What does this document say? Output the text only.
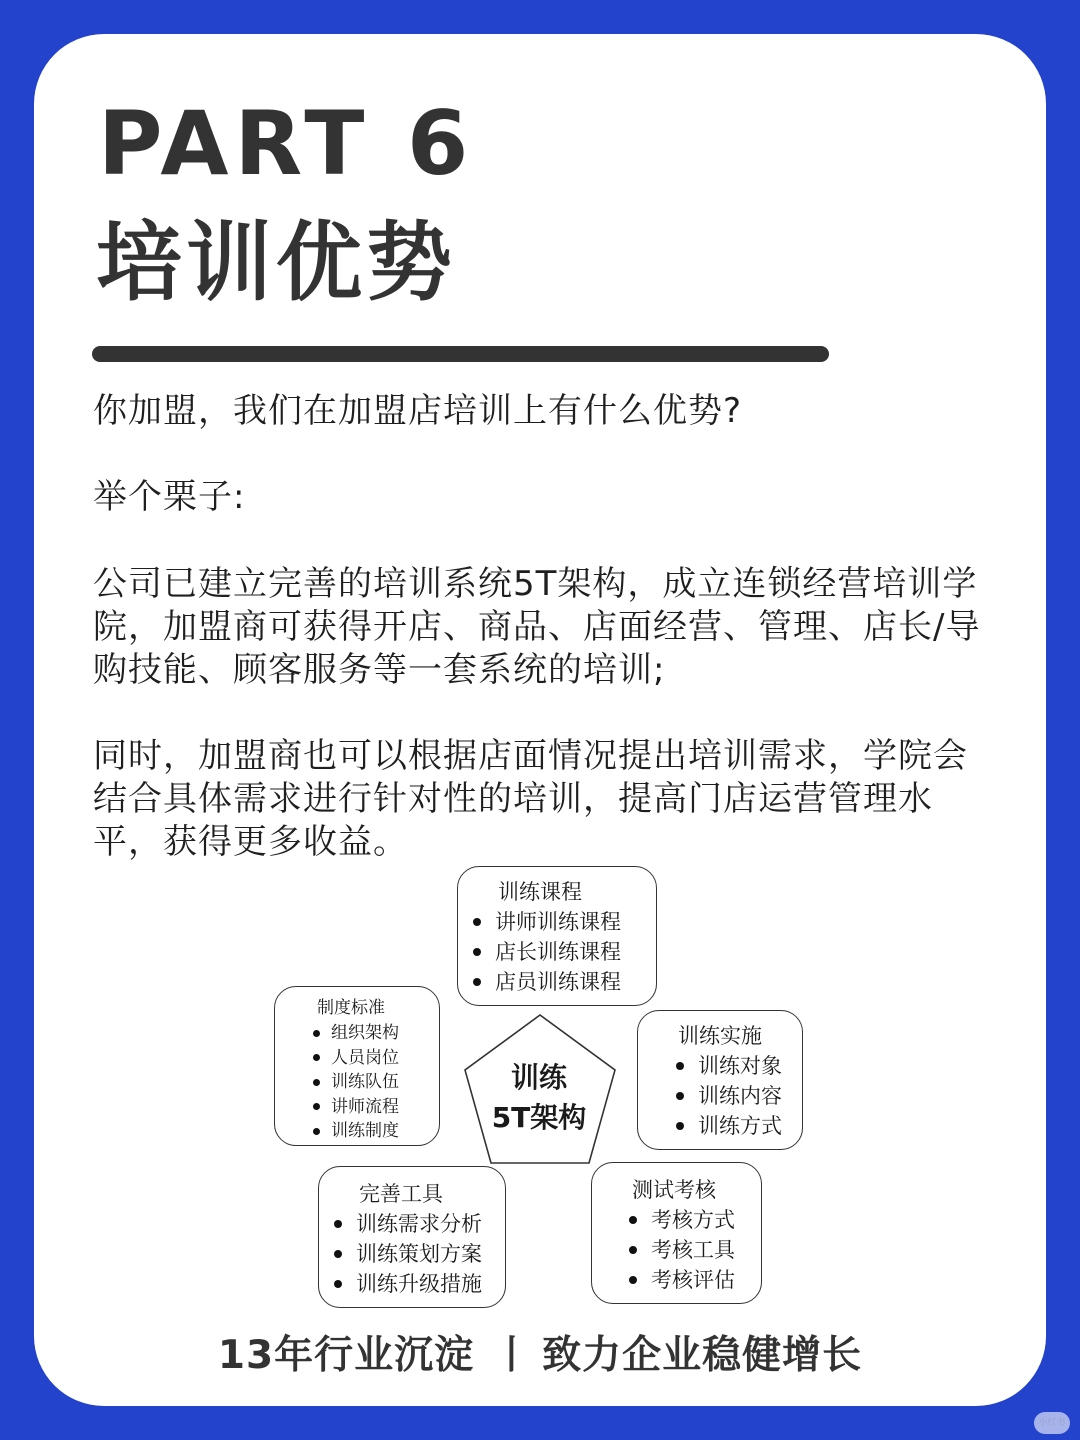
PART 6
培训优势

你加盟，我们在加盟店培训上有什么优势?

举个栗子:

公司已建立完善的培训系统5T架构，成立连锁经营培训学院，加盟商可获得开店、商品、店面经营、管理、店长/导购技能、顾客服务等一套系统的培训;

同时，加盟商也可以根据店面情况提出培训需求，学院会结合具体需求进行针对性的培训，提高门店运营管理水平，获得更多收益。

训练课程
讲师训练课程
店长训练课程
店员训练课程
制度标准
组织架构
人员岗位
训练队伍
讲师流程
训练制度
训练实施
训练对象
训练内容
训练方式
完善工具
训练需求分析
训练策划方案
训练升级措施
测试考核
考核方式
考核工具
考核评估
训练
5T架构
13年行业沉淀 丨 致力企业稳健增长
小红书
